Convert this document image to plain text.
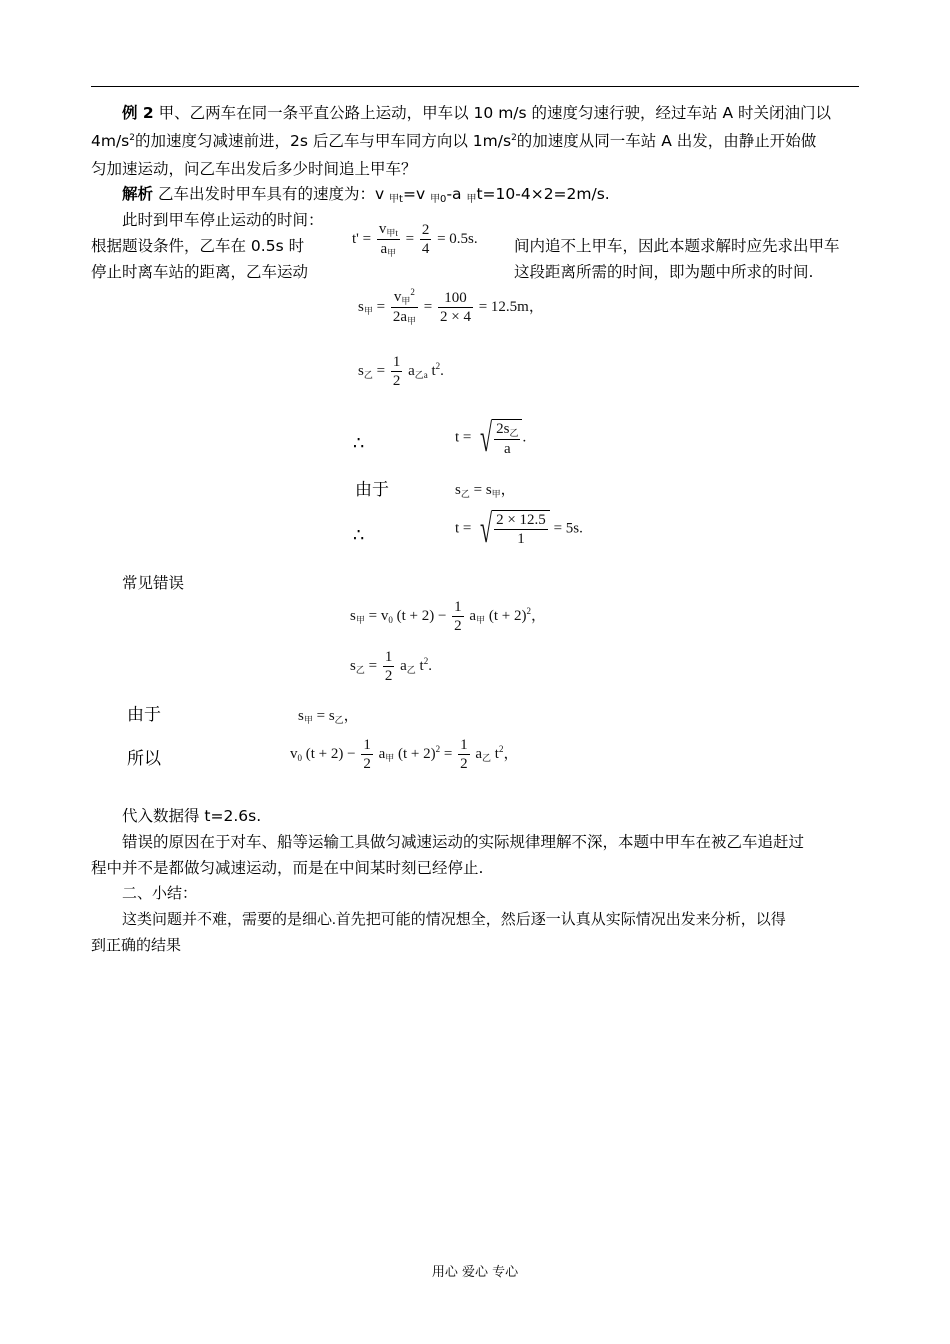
例 2 甲、乙两车在同一条平直公路上运动，甲车以 10 m/s 的速度匀速行驶，经过车站 A 时关闭油门以
$4m/s^2$的加速度匀减速前进，2s 后乙车与甲车同方向以 $1m/s^2$的加速度从同一车站 A 出发，由静止开始做
匀加速运动，问乙车出发后多少时间追上甲车？
解析 乙车出发时甲车具有的速度为：v 甲t=v 甲0-a 甲t=10-4×2=2m/s.
此时到甲车停止运动的时间：
根据题设条件，乙车在 0.5s 时
停止时离车站的距离，乙车运动
间内追不上甲车，因此本题求解时应先求出甲车
这段距离所需的时间，即为题中所求的时间.
$t' = \frac{v_{甲t}}{a_甲} = \frac{2}{4} = 0.5s$.
$s_甲 = \frac{v_甲^2}{2a_甲} = \frac{100}{2 \times 4} = 12.5m$，
$s_乙 = \frac{1}{2} a_{乙a}$ $t^2$.
∴	t = √ $\frac{2s_乙}{a}$ .
由于	$s_乙 = s_甲$，
∴	t = √ $\frac{2 \times 12.5}{1} = 5s$.
常见错误
$s_甲 = v_0$ $(t + 2) - \frac{1}{2} a_甲$ $(t + 2)^2$，
$s_乙 = \frac{1}{2} a_乙$ $t^2$.
由于	$s_甲 = s_乙$，
所以	$v_0$ $(t + 2) - \frac{1}{2} a_甲$ $(t + 2)^2 = \frac{1}{2} a_乙$ $t^2$，
代入数据得 t=2.6s.
错误的原因在于对车、船等运输工具做匀减速运动的实际规律理解不深，本题中甲车在被乙车追赶过
程中并不是都做匀减速运动，而是在中间某时刻已经停止.
二、小结：
这类问题并不难，需要的是细心.首先把可能的情况想全，然后逐一认真从实际情况出发来分析，以得
到正确的结果
用心 爱心 专心
